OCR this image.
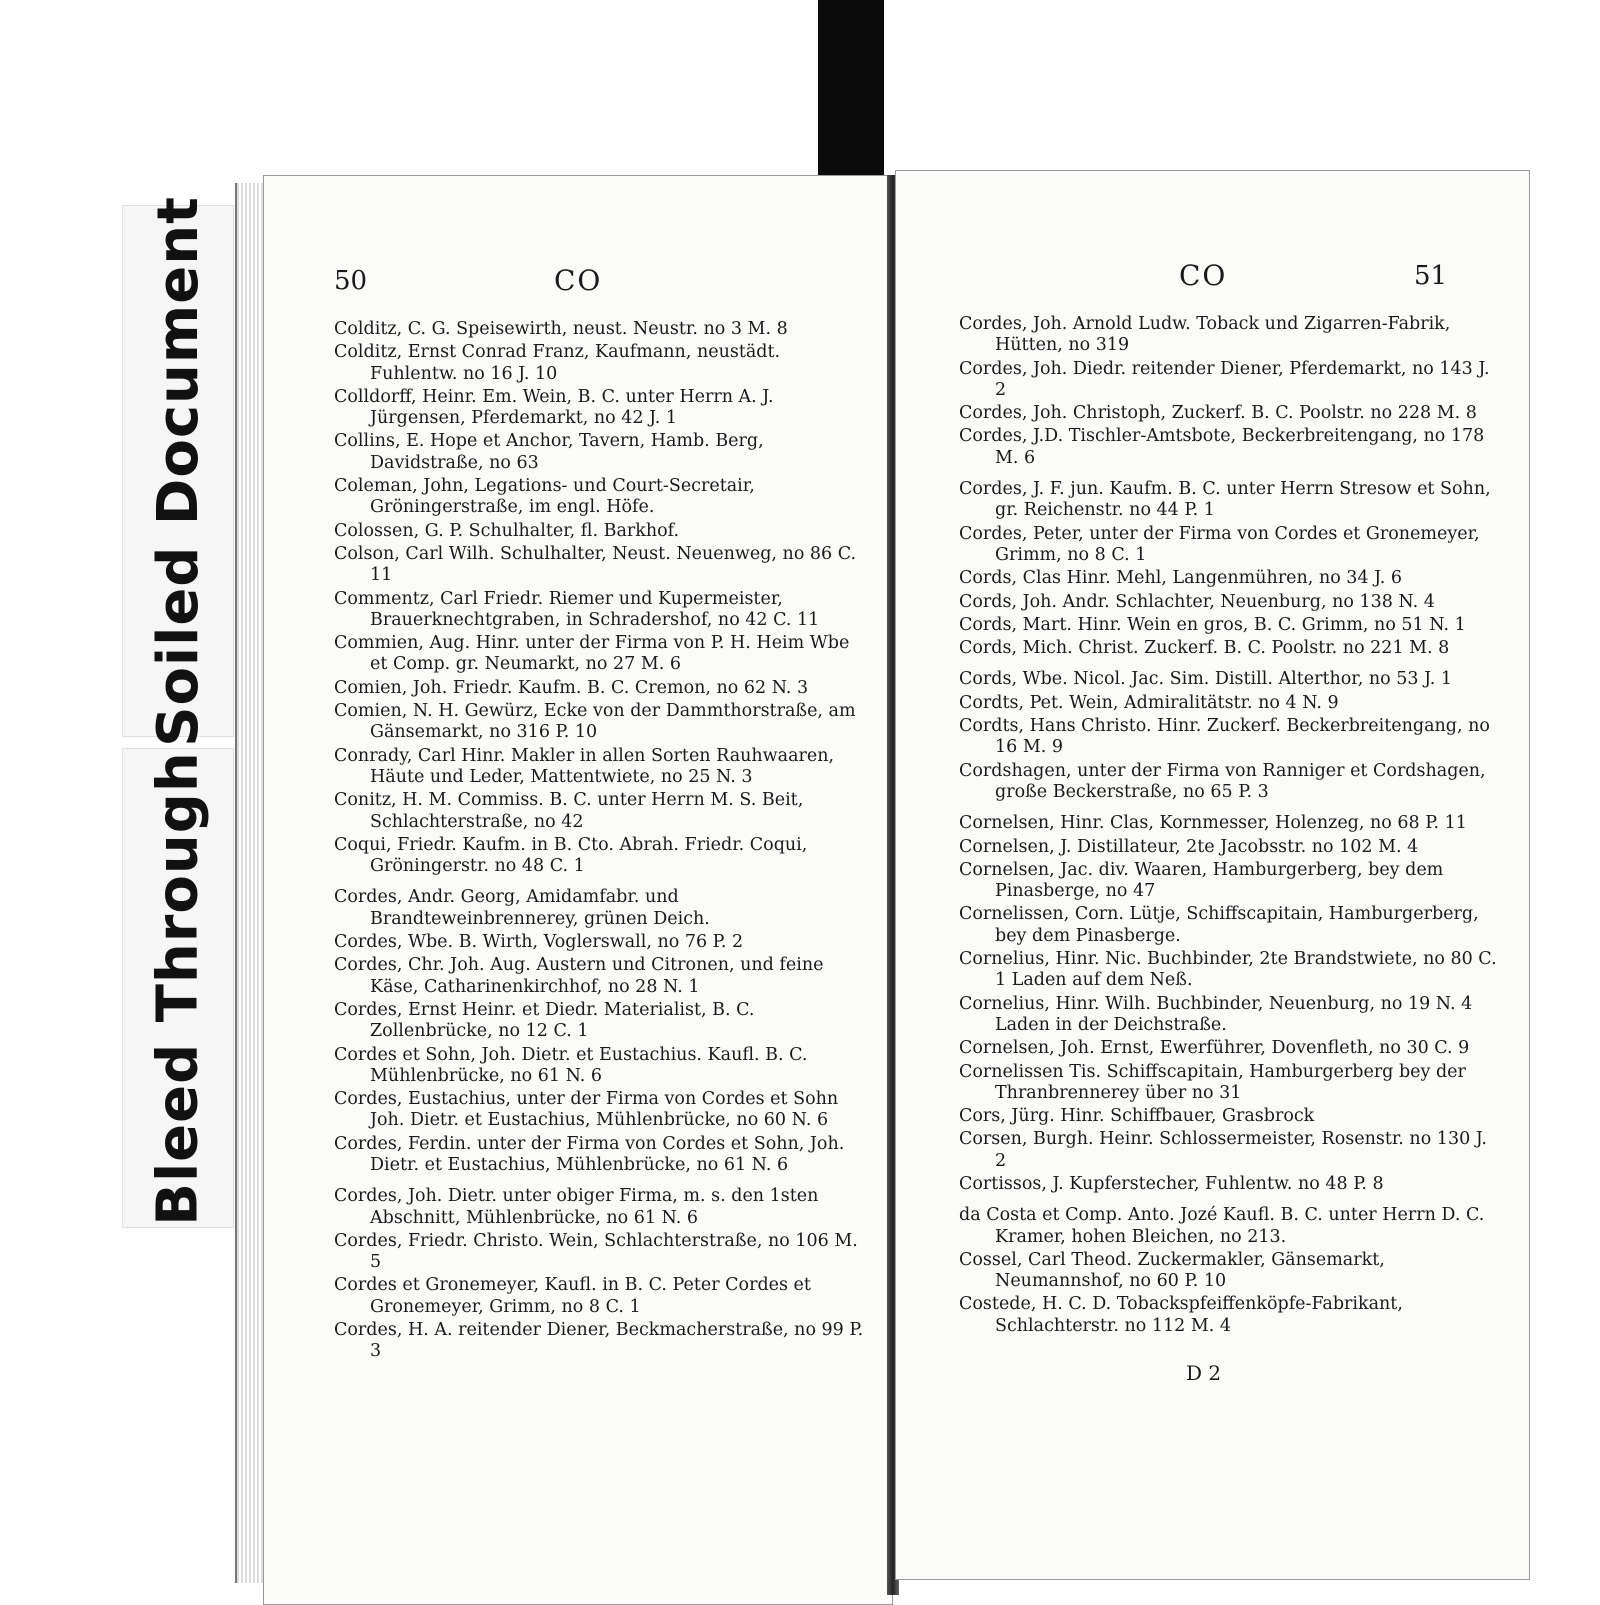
Soiled Document
Bleed Through
50	CO
Colditz, C. G. Speisewirth, neust. Neustr. no 3 M. 8
Colditz, Ernst Conrad Franz, Kaufmann, neustädt. Fuhlentw. no 16 J. 10
Colldorff, Heinr. Em. Wein, B. C. unter Herrn A. J. Jürgensen, Pferdemarkt, no 42 J. 1
Collins, E. Hope et Anchor, Tavern, Hamb. Berg, Davidstraße, no 63
Coleman, John, Legations- und Court-Secretair, Gröningerstraße, im engl. Höfe.
Colossen, G. P. Schulhalter, fl. Barkhof.
Colson, Carl Wilh. Schulhalter, Neust. Neuenweg, no 86 C. 11
Commentz, Carl Friedr. Riemer und Kupermeister, Brauerknechtgraben, in Schradershof, no 42 C. 11
Commien, Aug. Hinr. unter der Firma von P. H. Heim Wbe et Comp. gr. Neumarkt, no 27 M. 6
Comien, Joh. Friedr. Kaufm. B. C. Cremon, no 62 N. 3
Comien, N. H. Gewürz, Ecke von der Dammthorstraße, am Gänsemarkt, no 316 P. 10
Conrady, Carl Hinr. Makler in allen Sorten Rauhwaaren, Häute und Leder, Mattentwiete, no 25 N. 3
Conitz, H. M. Commiss. B. C. unter Herrn M. S. Beit, Schlachterstraße, no 42
Coqui, Friedr. Kaufm. in B. Cto. Abrah. Friedr. Coqui, Gröningerstr. no 48 C. 1
Cordes, Andr. Georg, Amidamfabr. und Brandteweinbrennerey, grünen Deich.
Cordes, Wbe. B. Wirth, Voglerswall, no 76 P. 2
Cordes, Chr. Joh. Aug. Austern und Citronen, und feine Käse, Catharinenkirchhof, no 28 N. 1
Cordes, Ernst Heinr. et Diedr. Materialist, B. C. Zollenbrücke, no 12 C. 1
Cordes et Sohn, Joh. Dietr. et Eustachius. Kaufl. B. C. Mühlenbrücke, no 61 N. 6
Cordes, Eustachius, unter der Firma von Cordes et Sohn Joh. Dietr. et Eustachius, Mühlenbrücke, no 60 N. 6
Cordes, Ferdin. unter der Firma von Cordes et Sohn, Joh. Dietr. et Eustachius, Mühlenbrücke, no 61 N. 6
Cordes, Joh. Dietr. unter obiger Firma, m. s. den 1sten Abschnitt, Mühlenbrücke, no 61 N. 6
Cordes, Friedr. Christo. Wein, Schlachterstraße, no 106 M. 5
Cordes et Gronemeyer, Kaufl. in B. C. Peter Cordes et Gronemeyer, Grimm, no 8 C. 1
Cordes, H. A. reitender Diener, Beckmacherstraße, no 99 P. 3
CO	51
Cordes, Joh. Arnold Ludw. Toback und Zigarren-Fabrik, Hütten, no 319
Cordes, Joh. Diedr. reitender Diener, Pferdemarkt, no 143 J. 2
Cordes, Joh. Christoph, Zuckerf. B. C. Poolstr. no 228 M. 8
Cordes, J.D. Tischler-Amtsbote, Beckerbreitengang, no 178 M. 6
Cordes, J. F. jun. Kaufm. B. C. unter Herrn Stresow et Sohn, gr. Reichenstr. no 44 P. 1
Cordes, Peter, unter der Firma von Cordes et Gronemeyer, Grimm, no 8 C. 1
Cords, Clas Hinr. Mehl, Langenmühren, no 34 J. 6
Cords, Joh. Andr. Schlachter, Neuenburg, no 138 N. 4
Cords, Mart. Hinr. Wein en gros, B. C. Grimm, no 51 N. 1
Cords, Mich. Christ. Zuckerf. B. C. Poolstr. no 221 M. 8
Cords, Wbe. Nicol. Jac. Sim. Distill. Alterthor, no 53 J. 1
Cordts, Pet. Wein, Admiralitätstr. no 4 N. 9
Cordts, Hans Christo. Hinr. Zuckerf. Beckerbreitengang, no 16 M. 9
Cordshagen, unter der Firma von Ranniger et Cordshagen, große Beckerstraße, no 65 P. 3
Cornelsen, Hinr. Clas, Kornmesser, Holenzeg, no 68 P. 11
Cornelsen, J. Distillateur, 2te Jacobsstr. no 102 M. 4
Cornelsen, Jac. div. Waaren, Hamburgerberg, bey dem Pinasberge, no 47
Cornelissen, Corn. Lütje, Schiffscapitain, Hamburgerberg, bey dem Pinasberge.
Cornelius, Hinr. Nic. Buchbinder, 2te Brandstwiete, no 80 C. 1 Laden auf dem Neß.
Cornelius, Hinr. Wilh. Buchbinder, Neuenburg, no 19 N. 4 Laden in der Deichstraße.
Cornelsen, Joh. Ernst, Ewerführer, Dovenfleth, no 30 C. 9
Cornelissen Tis. Schiffscapitain, Hamburgerberg bey der Thranbrennerey über no 31
Cors, Jürg. Hinr. Schiffbauer, Grasbrock
Corsen, Burgh. Heinr. Schlossermeister, Rosenstr. no 130 J. 2
Cortissos, J. Kupferstecher, Fuhlentw. no 48 P. 8
da Costa et Comp. Anto. Jozé Kaufl. B. C. unter Herrn D. C. Kramer, hohen Bleichen, no 213.
Cossel, Carl Theod. Zuckermakler, Gänsemarkt, Neumannshof, no 60 P. 10
Costede, H. C. D. Tobackspfeiffenköpfe-Fabrikant, Schlachterstr. no 112 M. 4
D 2
